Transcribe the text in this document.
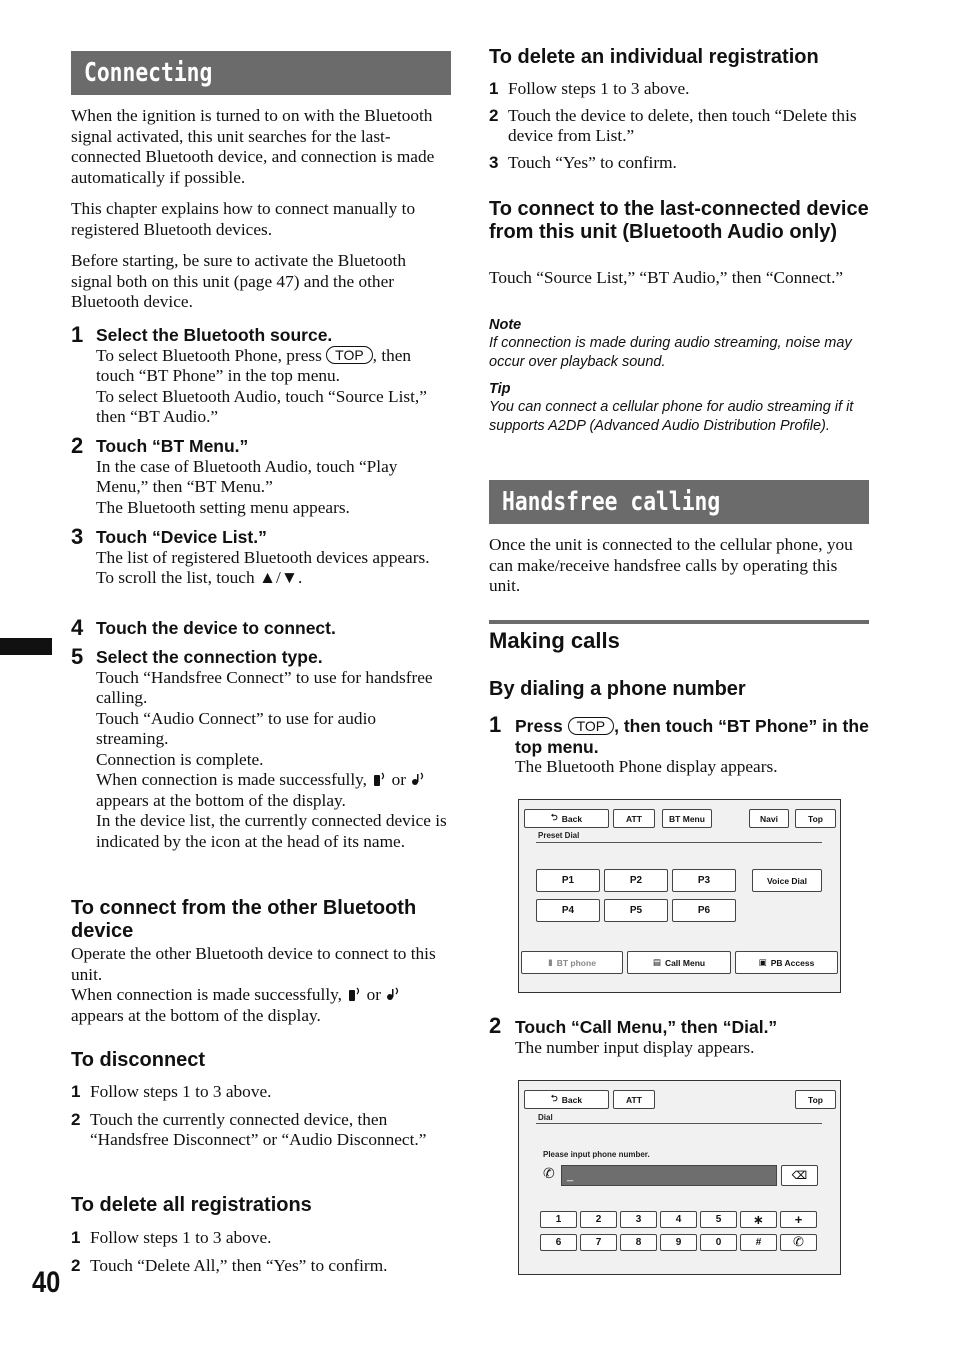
40
Connecting
When the ignition is turned to on with the Bluetooth signal activated, this unit searches for the last-connected Bluetooth device, and connection is made automatically if possible.
This chapter explains how to connect manually to registered Bluetooth devices.
Before starting, be sure to activate the Bluetooth signal both on this unit (page 47) and the other Bluetooth device.
1 Select the Bluetooth source.
To select Bluetooth Phone, press TOP , then touch “BT Phone” in the top menu.
To select Bluetooth Audio, touch “Source List,” then “BT Audio.”
2 Touch “BT Menu.”
In the case of Bluetooth Audio, touch “Play Menu,” then “BT Menu.”
The Bluetooth setting menu appears.
3 Touch “Device List.”
The list of registered Bluetooth devices appears.
To scroll the list, touch ▲/▼.
4 Touch the device to connect.
5 Select the connection type.
Touch “Handsfree Connect” to use for handsfree calling.
Touch “Audio Connect” to use for audio streaming.
Connection is complete.
When connection is made successfully, or  appears at the bottom of the display.
In the device list, the currently connected device is indicated by the icon at the head of its name.
To connect from the other Bluetooth device
Operate the other Bluetooth device to connect to this unit.
When connection is made successfully, or  appears at the bottom of the display.
To disconnect
1 Follow steps 1 to 3 above.
2 Touch the currently connected device, then “Handsfree Disconnect” or “Audio Disconnect.”
To delete all registrations
1 Follow steps 1 to 3 above.
2 Touch “Delete All,” then “Yes” to confirm.
To delete an individual registration
1 Follow steps 1 to 3 above.
2 Touch the device to delete, then touch “Delete this device from List.”
3 Touch “Yes” to confirm.
To connect to the last-connected device from this unit (Bluetooth Audio only)
Touch “Source List,” “BT Audio,” then “Connect.”
Note
If connection is made during audio streaming, noise may occur over playback sound.
Tip
You can connect a cellular phone for audio streaming if it supports A2DP (Advanced Audio Distribution Profile).
Handsfree calling
Once the unit is connected to the cellular phone, you can make/receive handsfree calls by operating this unit.
Making calls
By dialing a phone number
1 Press TOP , then touch “BT Phone” in the top menu.
The Bluetooth Phone display appears.
2 Touch “Call Menu,” then “Dial.”
The number input display appears.
⮌ Back	ATT	BT Menu	Navi	Top
Preset Dial
P1	P2	P3
P4	P5	P6
Voice Dial
▮ BT phone	▤ Call Menu	▣ PB Access
⮌ Back	ATT	Top
Dial
Please input phone number.
✆	_	⌫
1	2	3	4	5	∗	+
6	7	8	9	0	#	✆
